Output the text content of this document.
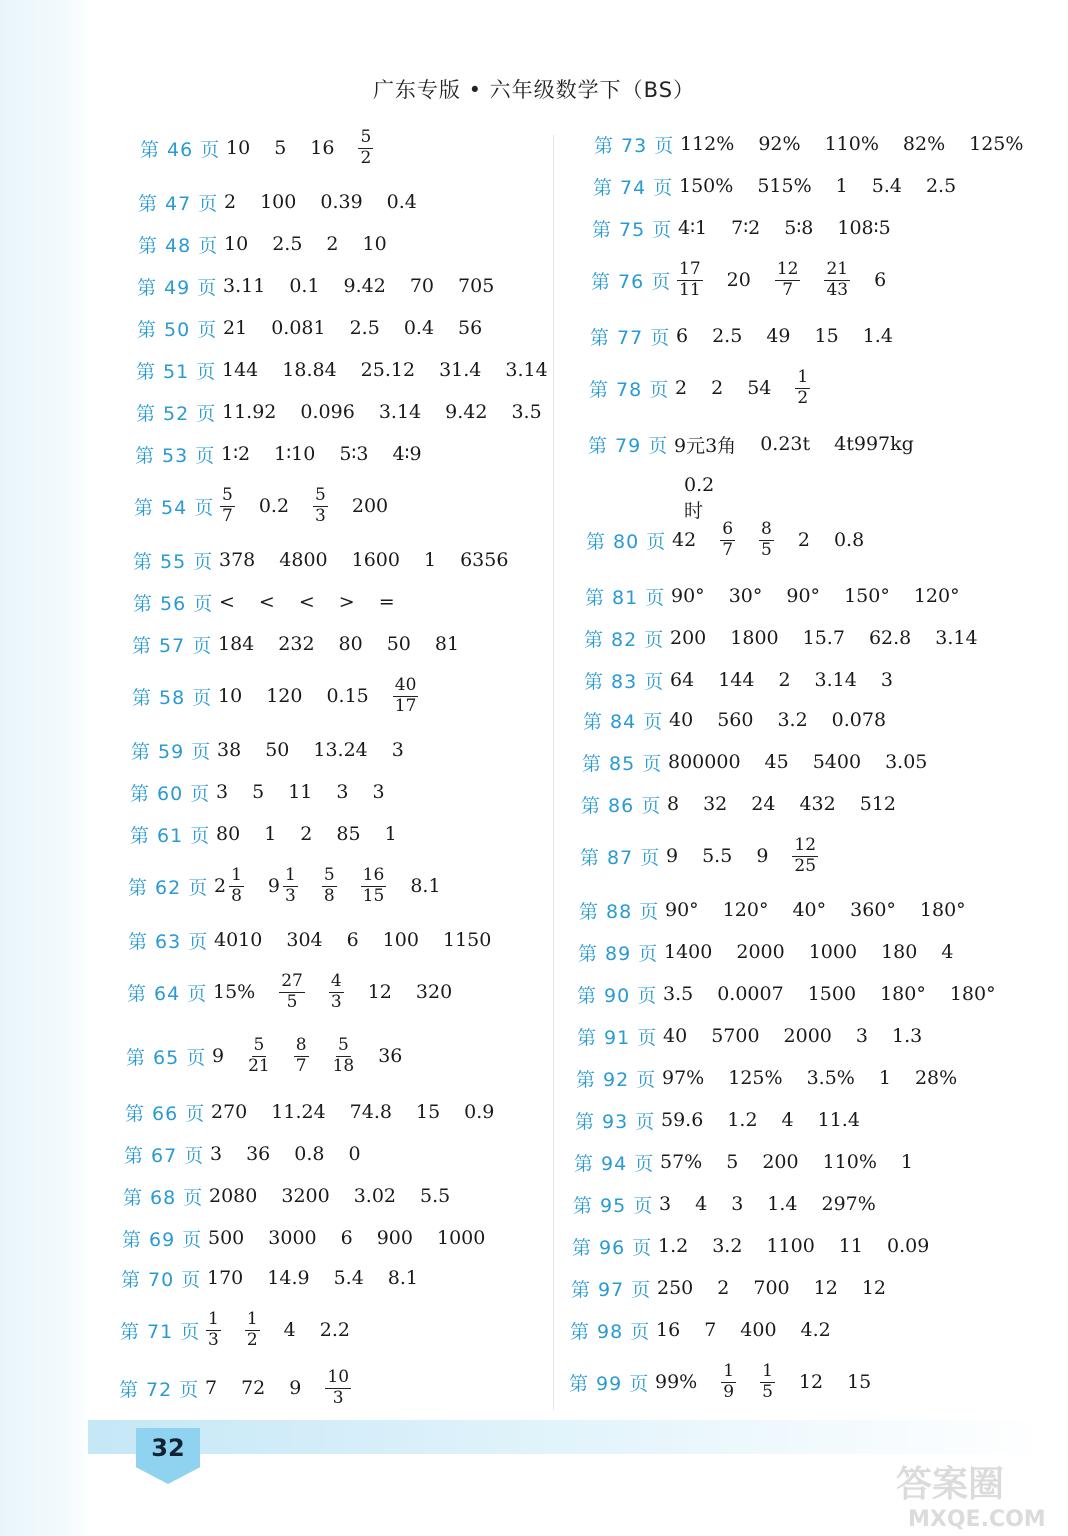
广东专版 • 六年级数学下（BS）
第 46 页 10 5 $16 \frac{5}{2}$
第 47 页 2 100 0.39 0.4
第 48 页 10 2.5 2 10
第 49 页 3.11 0.1 9.42 70 705
第 50 页 21 0.081 2.5 0.4 56
第 51 页 144 18.84 25.12 31.4 3.14
第 52 页 11.92 0.096 3.14 9.42 3.5
第 53 页 1∶2 1∶10 5∶3 4∶9
第 54 页 $\frac{5}{7} 0.2 \frac{5}{3} 200$
第 55 页 378 4800 1600 1 6356
第 56 页 < < < > =
第 57 页 184 232 80 50 81
第 58 页 10 120 $0.15 \frac{40}{17}$
第 59 页 38 50 13.24 3
第 60 页 3 5 11 3 3
第 61 页 80 1 2 85 1
第 62 页 $2 \frac{1}{8} 9 \frac{1}{3} \frac{5}{8} \frac{16}{15} 8.1$
第 63 页 4010 304 6 100 1150
第 64 页 $15\% \frac{27}{5} \frac{4}{3} 12$ 320
第 65 页 $9 \frac{5}{21} \frac{8}{7} \frac{5}{18} 36$
第 66 页 270 11.24 74.8 15 0.9
第 67 页 3 36 0.8 0
第 68 页 2080 3200 3.02 5.5
第 69 页 500 3000 6 900 1000
第 70 页 170 14.9 5.4 8.1
第 71 页 $\frac{1}{3} \frac{1}{2} 4$ 2.2
第 72 页 7 72 $9 \frac{10}{3}$
第 73 页 112% 92% 110% 82% 125%
第 74 页 150% 515% 1 5.4 2.5
第 75 页 4∶1 7∶2 5∶8 108∶5
第 76 页 $\frac{17}{11} 20 \frac{12}{7} \frac{21}{43} 6$
第 77 页 6 2.5 49 15 1.4
第 78 页 2 2 $54 \frac{1}{2}$
第 79 页 9元3角 0.23t 4t997kg
0.2时
第 80 页 $42 \frac{6}{7} \frac{8}{5} 2$ 0.8
第 81 页 90° 30° 90° 150° 120°
第 82 页 200 1800 15.7 62.8 3.14
第 83 页 64 144 2 3.14 3
第 84 页 40 560 3.2 0.078
第 85 页 800000 45 5400 3.05
第 86 页 8 32 24 432 512
第 87 页 9 5.5 $9 \frac{12}{25}$
第 88 页 90° 120° 40° 360° 180°
第 89 页 1400 2000 1000 180 4
第 90 页 3.5 0.0007 1500 180° 180°
第 91 页 40 5700 2000 3 1.3
第 92 页 97% 125% 3.5% 1 28%
第 93 页 59.6 1.2 4 11.4
第 94 页 57% 5 200 110% 1
第 95 页 3 4 3 1.4 297%
第 96 页 1.2 3.2 1100 11 0.09
第 97 页 250 2 700 12 12
第 98 页 16 7 400 4.2
第 99 页 $99\% \frac{1}{9} \frac{1}{5} 12$ 15
32
答案圈
MXQE.COM
